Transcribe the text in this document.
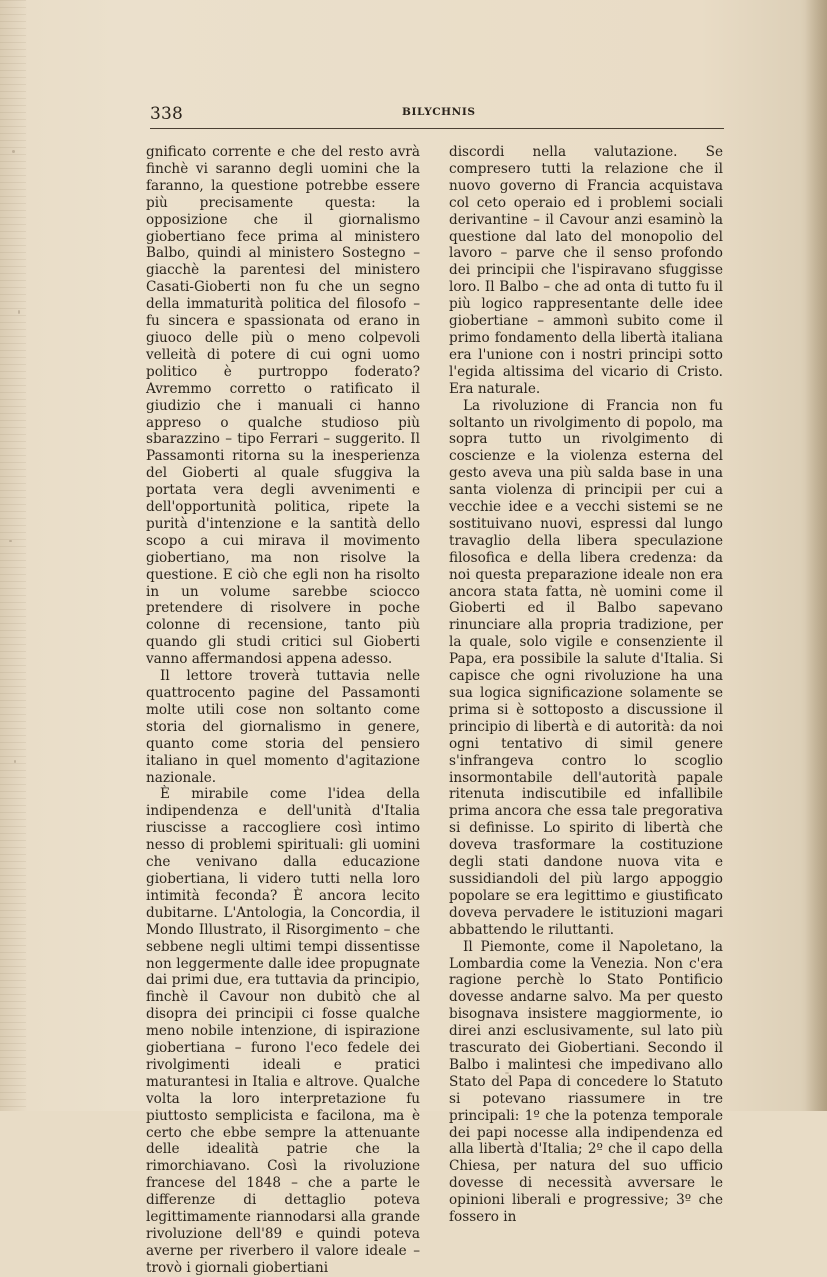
338	BILYCHNIS

gnificato corrente e che del resto avrà finchè vi saranno degli uomini che la faranno, la questione potrebbe essere più precisamente questa: la opposizione che il giornalismo giobertiano fece prima al ministero Balbo, quindi al ministero Sostegno – giacchè la parentesi del ministero Casati-Gioberti non fu che un segno della immaturità politica del filosofo – fu sincera e spassionata od erano in giuoco delle più o meno colpevoli velleità di potere di cui ogni uomo politico è purtroppo foderato? Avremmo corretto o ratificato il giudizio che i manuali ci hanno appreso o qualche studioso più sbarazzino – tipo Ferrari – suggerito. Il Passamonti ritorna su la inesperienza del Gioberti al quale sfuggiva la portata vera degli avvenimenti e dell'opportunità politica, ripete la purità d'intenzione e la santità dello scopo a cui mirava il movimento giobertiano, ma non risolve la questione. E ciò che egli non ha risolto in un volume sarebbe sciocco pretendere di risolvere in poche colonne di recensione, tanto più quando gli studi critici sul Gioberti vanno affermandosi appena adesso.

Il lettore troverà tuttavia nelle quattrocento pagine del Passamonti molte utili cose non soltanto come storia del giornalismo in genere, quanto come storia del pensiero italiano in quel momento d'agitazione nazionale.

È mirabile come l'idea della indipendenza e dell'unità d'Italia riuscisse a raccogliere così intimo nesso di problemi spirituali: gli uomini che venivano dalla educazione giobertiana, li videro tutti nella loro intimità feconda? È ancora lecito dubitarne. L'Antologia, la Concordia, il Mondo Illustrato, il Risorgimento – che sebbene negli ultimi tempi dissentisse non leggermente dalle idee propugnate dai primi due, era tuttavia da principio, finchè il Cavour non dubitò che al disopra dei principii ci fosse qualche meno nobile intenzione, di ispirazione giobertiana – furono l'eco fedele dei rivolgimenti ideali e pratici maturantesi in Italia e altrove. Qualche volta la loro interpretazione fu piuttosto semplicista e facilona, ma è certo che ebbe sempre la attenuante delle idealità patrie che la rimorchiavano. Così la rivoluzione francese del 1848 – che a parte le differenze di dettaglio poteva legittimamente riannodarsi alla grande rivoluzione dell'89 e quindi poteva averne per riverbero il valore ideale – trovò i giornali giobertiani

discordi nella valutazione. Se compresero tutti la relazione che il nuovo governo di Francia acquistava col ceto operaio ed i problemi sociali derivantine – il Cavour anzi esaminò la questione dal lato del monopolio del lavoro – parve che il senso profondo dei principii che l'ispiravano sfuggisse loro. Il Balbo – che ad onta di tutto fu il più logico rappresentante delle idee giobertiane – ammonì subito come il primo fondamento della libertà italiana era l'unione con i nostri principi sotto l'egida altissima del vicario di Cristo. Era naturale.

La rivoluzione di Francia non fu soltanto un rivolgimento di popolo, ma sopra tutto un rivolgimento di coscienze e la violenza esterna del gesto aveva una più salda base in una santa violenza di principii per cui a vecchie idee e a vecchi sistemi se ne sostituivano nuovi, espressi dal lungo travaglio della libera speculazione filosofica e della libera credenza: da noi questa preparazione ideale non era ancora stata fatta, nè uomini come il Gioberti ed il Balbo sapevano rinunciare alla propria tradizione, per la quale, solo vigile e consenziente il Papa, era possibile la salute d'Italia. Si capisce che ogni rivoluzione ha una sua logica significazione solamente se prima si è sottoposto a discussione il principio di libertà e di autorità: da noi ogni tentativo di simil genere s'infrangeva contro lo scoglio insormontabile dell'autorità papale ritenuta indiscutibile ed infallibile prima ancora che essa tale pregorativa si definisse. Lo spirito di libertà che doveva trasformare la costituzione degli stati dandone nuova vita e sussidiandoli del più largo appoggio popolare se era legittimo e giustificato doveva pervadere le istituzioni magari abbattendo le riluttanti.

Il Piemonte, come il Napoletano, la Lombardia come la Venezia. Non c'era ragione perchè lo Stato Pontificio dovesse andarne salvo. Ma per questo bisognava insistere maggiormente, io direi anzi esclusivamente, sul lato più trascurato dei Giobertiani. Secondo il Balbo i malintesi che impedivano allo Stato del Papa di concedere lo Statuto si potevano riassumere in tre principali: 1º che la potenza temporale dei papi nocesse alla indipendenza ed alla libertà d'Italia; 2º che il capo della Chiesa, per natura del suo ufficio dovesse di necessità avversare le opinioni liberali e progressive; 3º che fossero in
